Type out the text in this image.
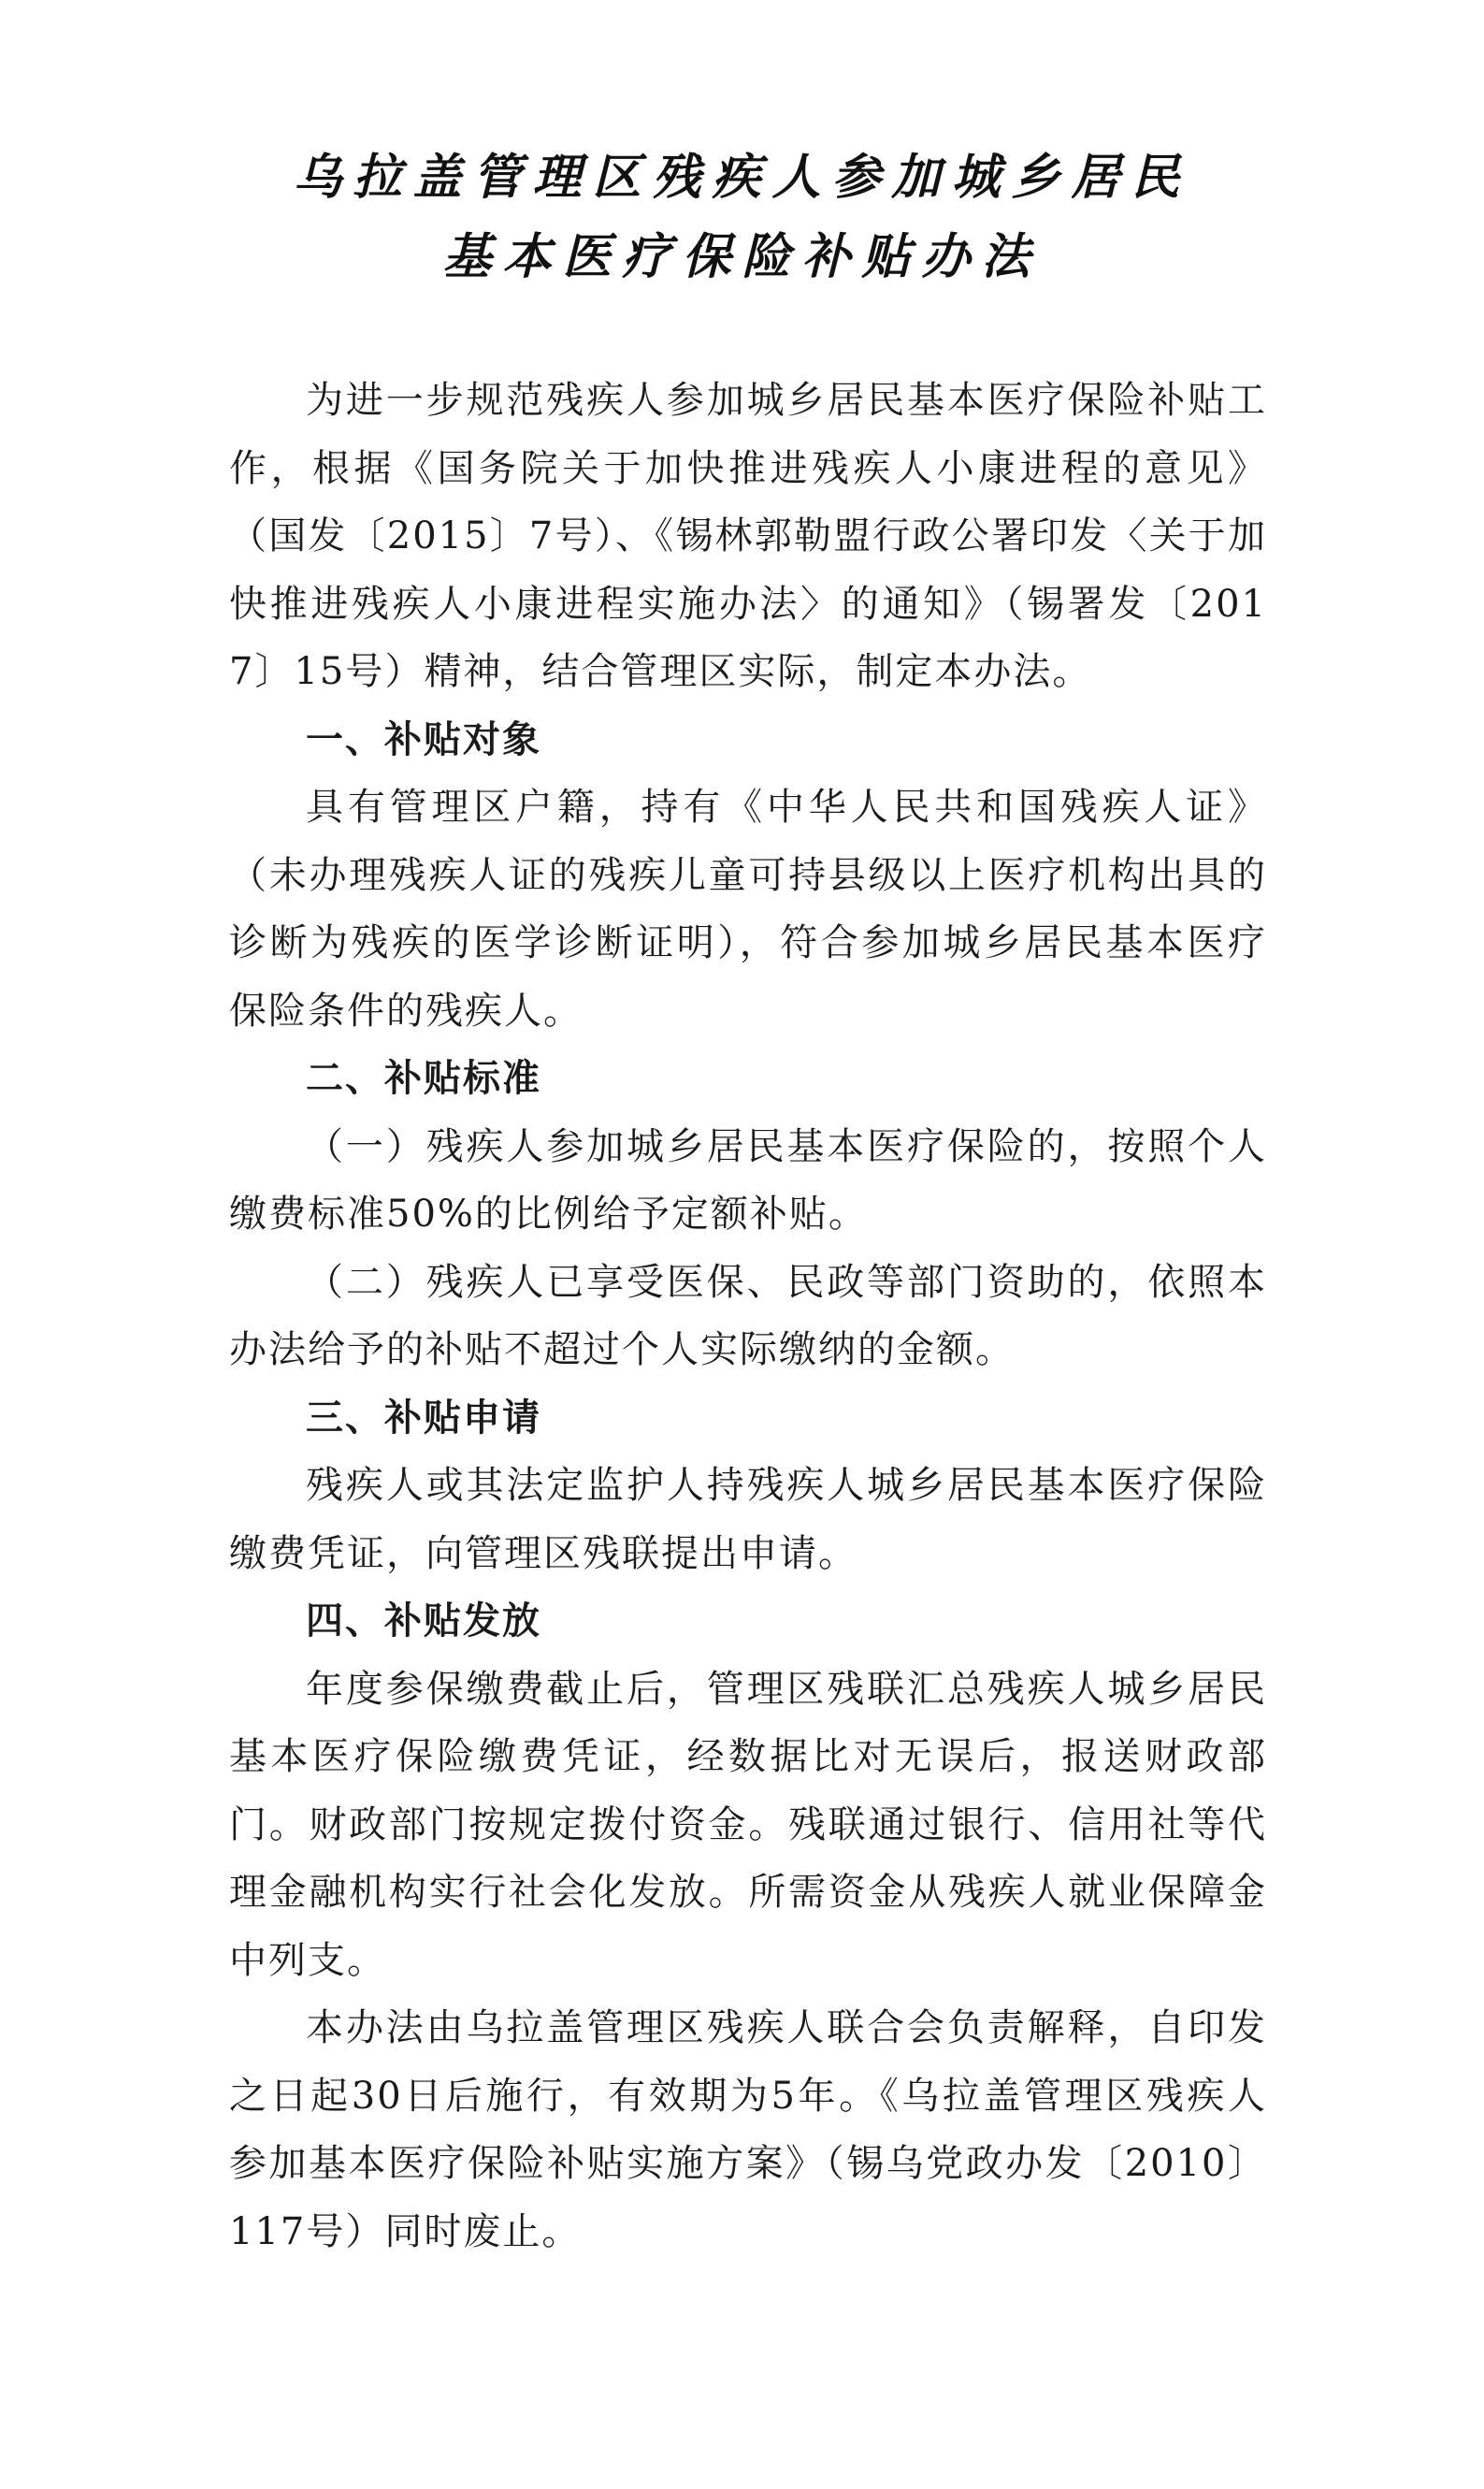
乌拉盖管理区残疾人参加城乡居民
基本医疗保险补贴办法

为进一步规范残疾人参加城乡居民基本医疗保险补贴工作，根据《国务院关于加快推进残疾人小康进程的意见》（国发〔2015〕7号）、《锡林郭勒盟行政公署印发〈关于加快推进残疾人小康进程实施办法〉的通知》（锡署发〔2017〕15号）精神，结合管理区实际，制定本办法。

一、补贴对象

具有管理区户籍，持有《中华人民共和国残疾人证》（未办理残疾人证的残疾儿童可持县级以上医疗机构出具的诊断为残疾的医学诊断证明），符合参加城乡居民基本医疗保险条件的残疾人。

二、补贴标准

（一）残疾人参加城乡居民基本医疗保险的，按照个人缴费标准50%的比例给予定额补贴。

（二）残疾人已享受医保、民政等部门资助的，依照本办法给予的补贴不超过个人实际缴纳的金额。

三、补贴申请

残疾人或其法定监护人持残疾人城乡居民基本医疗保险缴费凭证，向管理区残联提出申请。

四、补贴发放

年度参保缴费截止后，管理区残联汇总残疾人城乡居民基本医疗保险缴费凭证，经数据比对无误后，报送财政部门。财政部门按规定拨付资金。残联通过银行、信用社等代理金融机构实行社会化发放。所需资金从残疾人就业保障金中列支。

本办法由乌拉盖管理区残疾人联合会负责解释，自印发之日起30日后施行，有效期为5年。《乌拉盖管理区残疾人参加基本医疗保险补贴实施方案》（锡乌党政办发〔2010〕117号）同时废止。
